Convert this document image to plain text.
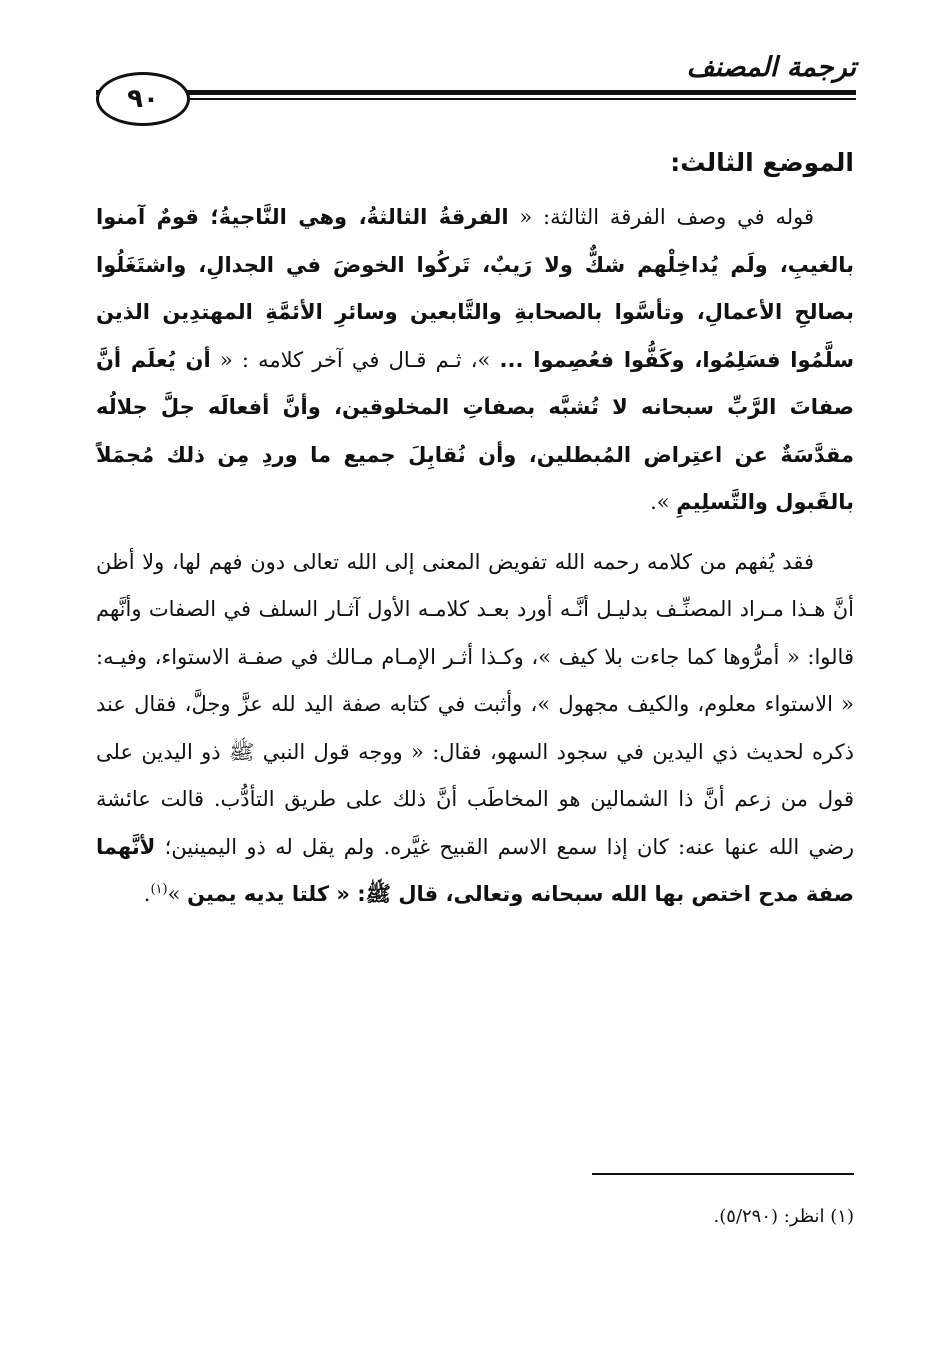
ترجمة المصنف
٩٠
الموضع الثالث:

قوله في وصف الفرقة الثالثة: « الفرقةُ الثالثةُ، وهي النَّاجيةُ؛ قومٌ آمنوا بالغيبِ، ولَم يُداخِلْهم شكٌّ ولا رَيبٌ، تَركُوا الخوضَ في الجدالِ، واشتَغَلُوا بصالحِ الأعمالِ، وتأسَّوا بالصحابةِ والتَّابعين وسائرِ الأئمَّةِ المهتدِين الذين سلَّمُوا فسَلِمُوا، وكَفُّوا فعُصِموا ... »، ثـم قـال في آخر كلامه : « أن يُعلَم أنَّ صفاتَ الرَّبِّ سبحانه لا تُشبَّه بصفاتِ المخلوقين، وأنَّ أفعالَه جلَّ جلالُه مقدَّسَةٌ عن اعتِراض المُبطلين، وأن نُقابِلَ جميع ما وردِ مِن ذلك مُجمَلاً بالقَبول والتَّسلِيمِ ».

فقد يُفهم من كلامه رحمه الله تفويض المعنى إلى الله تعالى دون فهم لها، ولا أظن أنَّ هـذا مـراد المصنِّـف بدليـل أنَّـه أورد بعـد كلامـه الأول آثـار السلف في الصفات وأنَّهم قالوا: « أمرُّوها كما جاءت بلا كيف »، وكـذا أثـر الإمـام مـالك في صفـة الاستواء، وفيـه: « الاستواء معلوم، والكيف مجهول »، وأثبت في كتابه صفة اليد لله عزَّ وجلَّ، فقال عند ذكره لحديث ذي اليدين في سجود السهو، فقال: « ووجه قول النبي ﷺ ذو اليدين على قول من زعم أنَّ ذا الشمالين هو المخاطَب أنَّ ذلك على طريق التأدُّب. قالت عائشة رضي الله عنها عنه: كان إذا سمع الاسم القبيح غيَّره. ولم يقل له ذو اليمينين؛ لأنَّهما صفة مدح اختص بها الله سبحانه وتعالى، قال ﷺ: « كلتا يديه يمين »$^{(١)}$.

(١) انظر: (٥/٢٩٠).
